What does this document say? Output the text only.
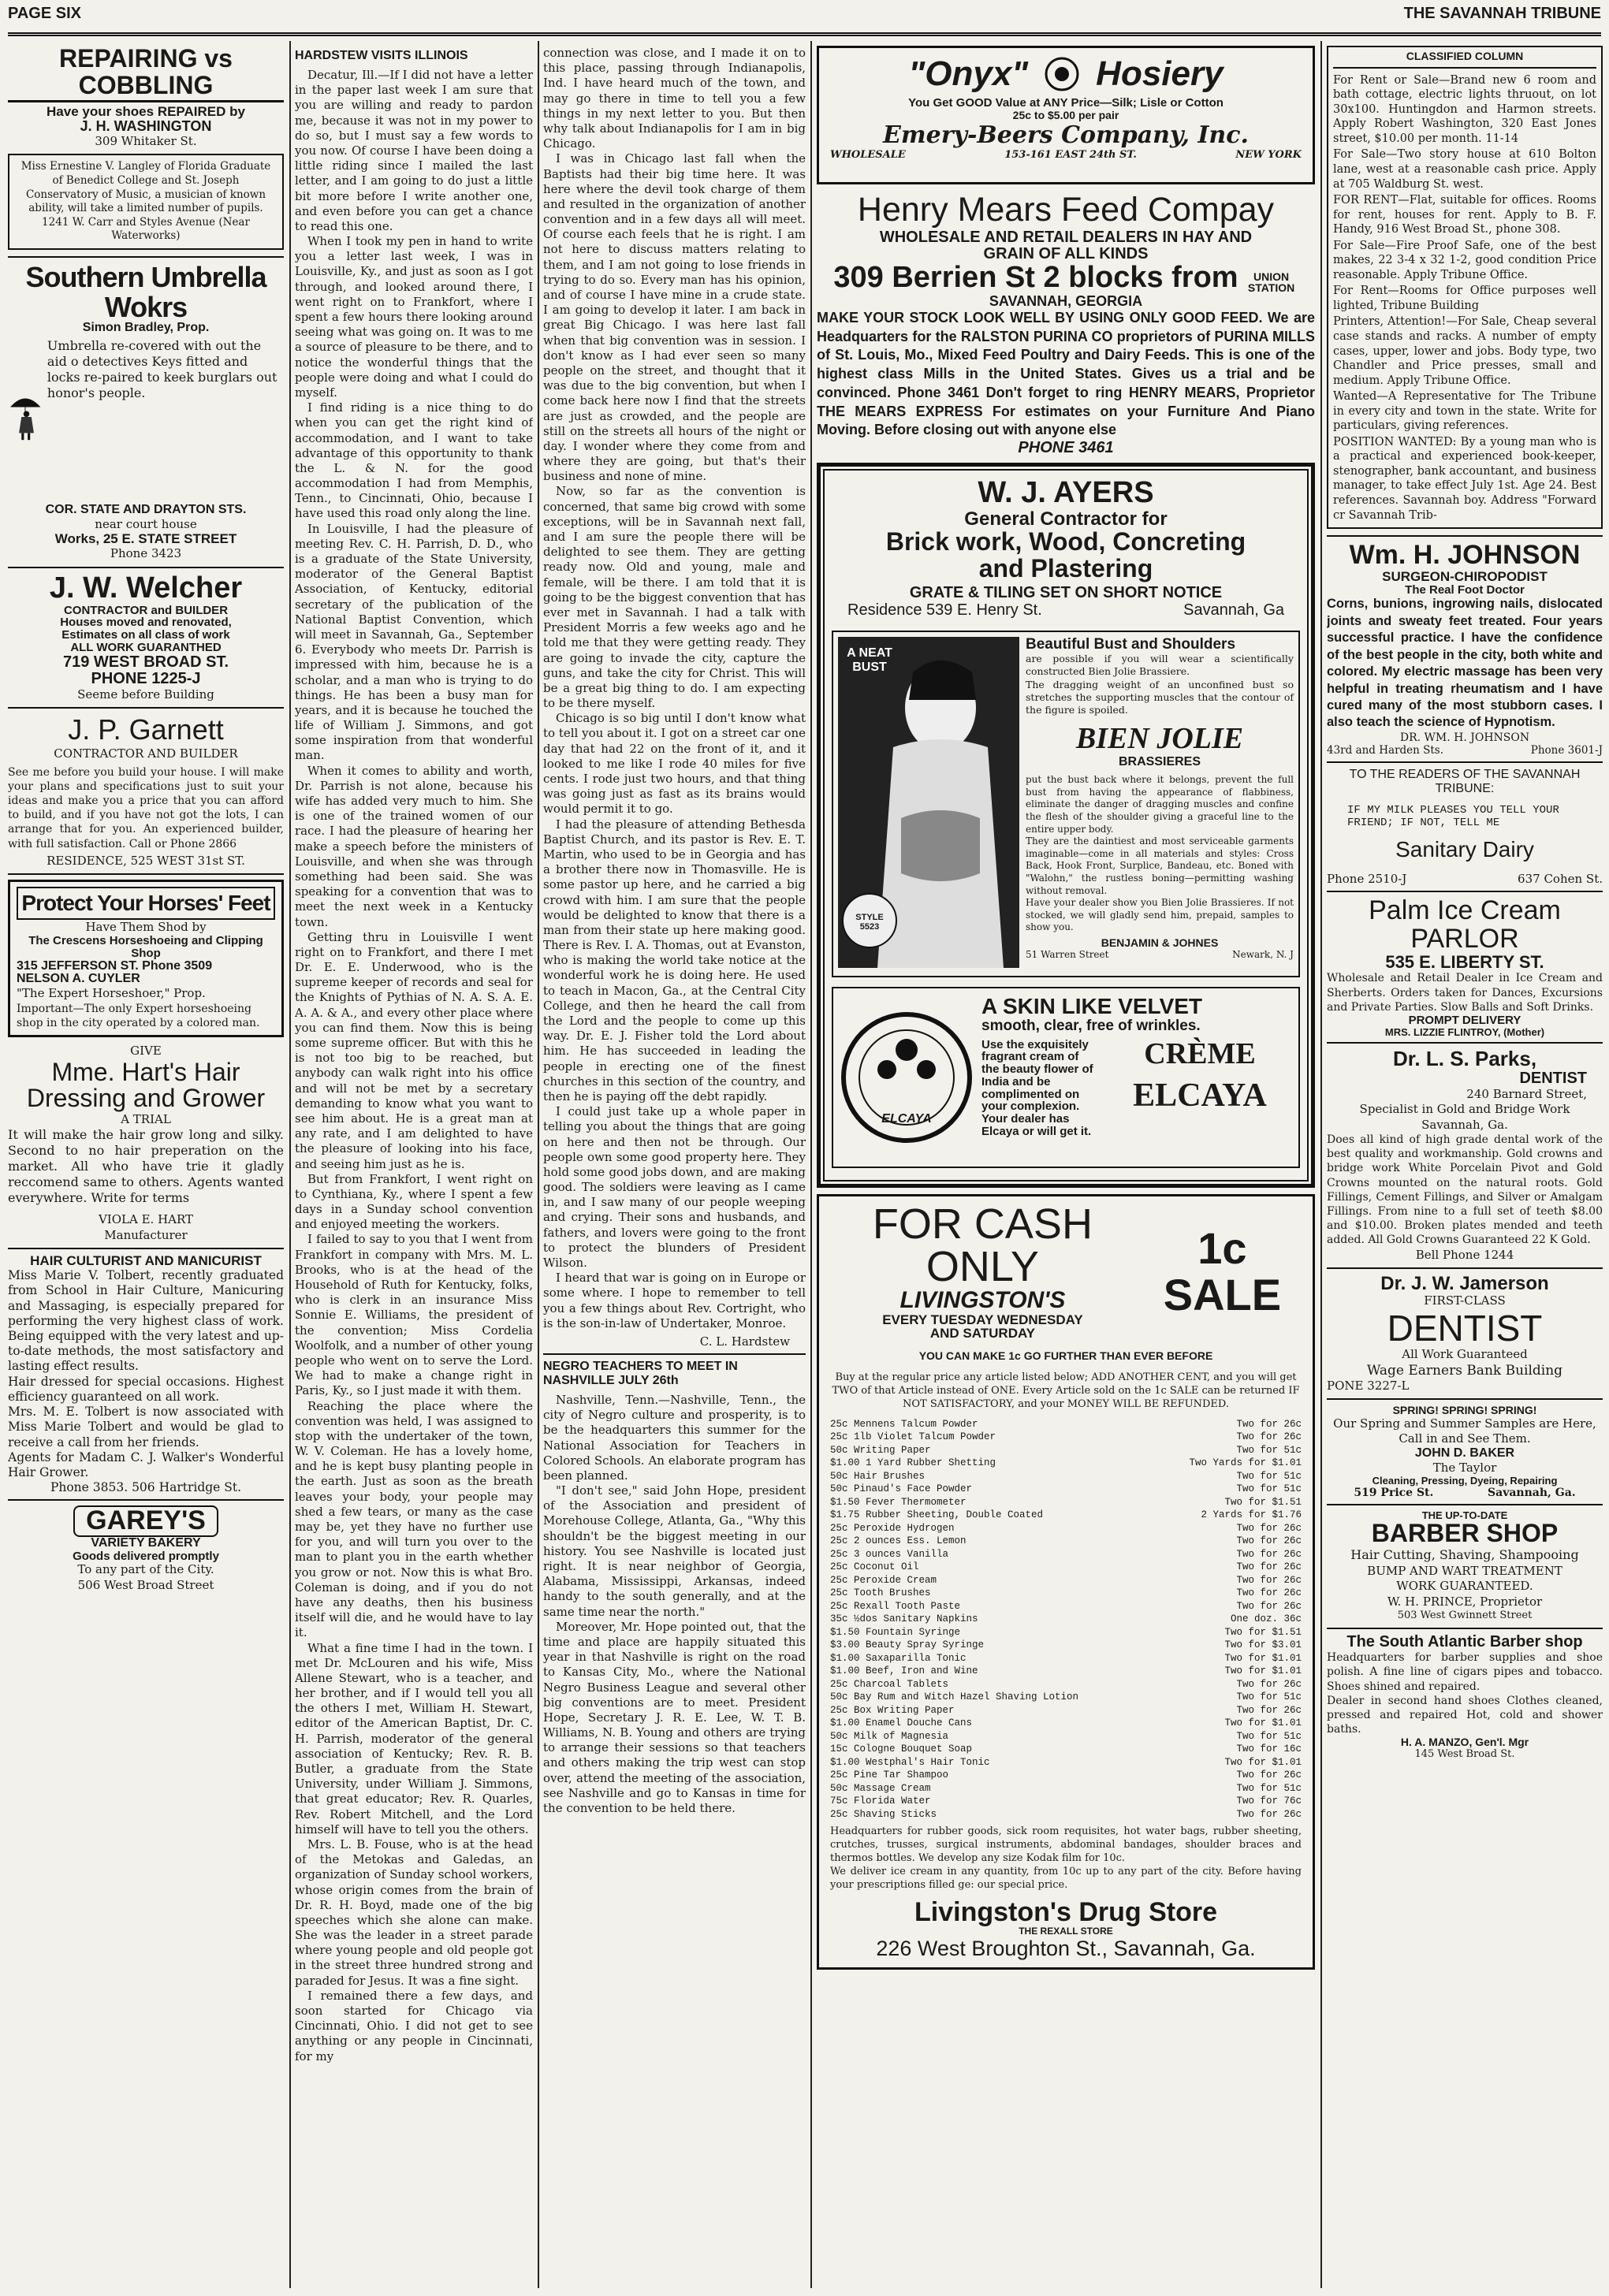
PAGE SIX	THE SAVANNAH TRIBUNE
REPAIRING vs COBBLING
Have your shoes REPAIRED by
J. H. WASHINGTON
309 Whitaker St.
Miss Ernestine V. Langley of Florida Graduate of Benedict College and St. Joseph Conservatory of Music, a musician of known ability, will take a limited number of pupils. 1241 W. Carr and Styles Avenue (Near Waterworks)
Southern Umbrella Wokrs
Simon Bradley, Prop.
Umbrella re-covered with out the aid o detectives Keys fitted and locks re-paired to keek burglars out honor's people.
COR. STATE AND DRAYTON STS.
near court house
Works, 25 E. STATE STREET
Phone 3423
J. W. Welcher
CONTRACTOR and BUILDER
Houses moved and renovated,
Estimates on all class of work
ALL WORK GUARANTHED
719 WEST BROAD ST.
PHONE 1225-J
Seeme before Building
J. P. Garnett
CONTRACTOR AND BUILDER
See me before you build your house. I will make your plans and specifications just to suit your ideas and make you a price that you can afford to build, and if you have not got the lots, I can arrange that for you. An experienced builder, with full satisfaction. Call or Phone 2866
RESIDENCE, 525 WEST 31st ST.
Protect Your Horses' Feet
Have Them Shod by
The Crescens Horseshoeing and Clipping Shop
315 JEFFERSON ST. Phone 3509
NELSON A. CUYLER
"The Expert Horseshoer," Prop.
Important—The only Expert horseshoeing shop in the city operated by a colored man.
GIVE
Mme. Hart's Hair Dressing and Grower
A TRIAL
It will make the hair grow long and silky. Second to no hair preperation on the market. All who have trie it gladly reccomend same to others. Agents wanted everywhere. Write for terms
VIOLA E. HART
Manufacturer
HAIR CULTURIST AND MANICURIST
Miss Marie V. Tolbert, recently graduated from School in Hair Culture, Manicuring and Massaging, is especially prepared for performing the very highest class of work. Being equipped with the very latest and up-to-date methods, the most satisfactory and lasting effect results.
Hair dressed for special occasions. Highest efficiency guaranteed on all work.
Mrs. M. E. Tolbert is now associated with Miss Marie Tolbert and would be glad to receive a call from her friends.
Agents for Madam C. J. Walker's Wonderful Hair Grower.
Phone 3853. 506 Hartridge St.
GAREY'S
VARIETY BAKERY
Goods delivered promptly
To any part of the City.
506 West Broad Street
HARDSTEW VISITS ILLINOIS

Decatur, Ill.—If I did not have a letter in the paper last week I am sure that you are willing and ready to pardon me, because it was not in my power to do so, but I must say a few words to you now. Of course I have been doing a little riding since I mailed the last letter, and I am going to do just a little bit more before I write another one, and even before you can get a chance to read this one.

When I took my pen in hand to write you a letter last week, I was in Louisville, Ky., and just as soon as I got through, and looked around there, I went right on to Frankfort, where I spent a few hours there looking around seeing what was going on. It was to me a source of pleasure to be there, and to notice the wonderful things that the people were doing and what I could do myself.

I find riding is a nice thing to do when you can get the right kind of accommodation, and I want to take advantage of this opportunity to thank the L. & N. for the good accommodation I had from Memphis, Tenn., to Cincinnati, Ohio, because I have used this road only along the line.

In Louisville, I had the pleasure of meeting Rev. C. H. Parrish, D. D., who is a graduate of the State University, moderator of the General Baptist Association, of Kentucky, editorial secretary of the publication of the National Baptist Convention, which will meet in Savannah, Ga., September 6. Everybody who meets Dr. Parrish is impressed with him, because he is a scholar, and a man who is trying to do things. He has been a busy man for years, and it is because he touched the life of William J. Simmons, and got some inspiration from that wonderful man.

When it comes to ability and worth, Dr. Parrish is not alone, because his wife has added very much to him. She is one of the trained women of our race. I had the pleasure of hearing her make a speech before the ministers of Louisville, and when she was through something had been said. She was speaking for a convention that was to meet the next week in a Kentucky town.

Getting thru in Louisville I went right on to Frankfort, and there I met Dr. E. E. Underwood, who is the supreme keeper of records and seal for the Knights of Pythias of N. A. S. A. E. A. A. & A., and every other place where you can find them. Now this is being some supreme officer. But with this he is not too big to be reached, but anybody can walk right into his office and will not be met by a secretary demanding to know what you want to see him about. He is a great man at any rate, and I am delighted to have the pleasure of looking into his face, and seeing him just as he is.

But from Frankfort, I went right on to Cynthiana, Ky., where I spent a few days in a Sunday school convention and enjoyed meeting the workers.

I failed to say to you that I went from Frankfort in company with Mrs. M. L. Brooks, who is at the head of the Household of Ruth for Kentucky, folks, who is clerk in an insurance Miss Sonnie E. Williams, the president of the convention; Miss Cordelia Woolfolk, and a number of other young people who went on to serve the Lord. We had to make a change right in Paris, Ky., so I just made it with them.

Reaching the place where the convention was held, I was assigned to stop with the undertaker of the town, W. V. Coleman. He has a lovely home, and he is kept busy planting people in the earth. Just as soon as the breath leaves your body, your people may shed a few tears, or many as the case may be, yet they have no further use for you, and will turn you over to the man to plant you in the earth whether you grow or not. Now this is what Bro. Coleman is doing, and if you do not have any deaths, then his business itself will die, and he would have to lay it.

What a fine time I had in the town. I met Dr. McLouren and his wife, Miss Allene Stewart, who is a teacher, and her brother, and if I would tell you all the others I met, William H. Stewart, editor of the American Baptist, Dr. C. H. Parrish, moderator of the general association of Kentucky; Rev. R. B. Butler, a graduate from the State University, under William J. Simmons, that great educator; Rev. R. Quarles, Rev. Robert Mitchell, and the Lord himself will have to tell you the others.

Mrs. L. B. Fouse, who is at the head of the Metokas and Galedas, an organization of Sunday school workers, whose origin comes from the brain of Dr. R. H. Boyd, made one of the big speeches which she alone can make. She was the leader in a street parade where young people and old people got in the street three hundred strong and paraded for Jesus. It was a fine sight.

I remained there a few days, and soon started for Chicago via Cincinnati, Ohio. I did not get to see anything or any people in Cincinnati, for my

connection was close, and I made it on to this place, passing through Indianapolis, Ind. I have heard much of the town, and may go there in time to tell you a few things in my next letter to you. But then why talk about Indianapolis for I am in big Chicago.

I was in Chicago last fall when the Baptists had their big time here. It was here where the devil took charge of them and resulted in the organization of another convention and in a few days all will meet. Of course each feels that he is right. I am not here to discuss matters relating to them, and I am not going to lose friends in trying to do so. Every man has his opinion, and of course I have mine in a crude state. I am going to develop it later. I am back in great Big Chicago. I was here last fall when that big convention was in session. I don't know as I had ever seen so many people on the street, and thought that it was due to the big convention, but when I come back here now I find that the streets are just as crowded, and the people are still on the streets all hours of the night or day. I wonder where they come from and where they are going, but that's their business and none of mine.

Now, so far as the convention is concerned, that same big crowd with some exceptions, will be in Savannah next fall, and I am sure the people there will be delighted to see them. They are getting ready now. Old and young, male and female, will be there. I am told that it is going to be the biggest convention that has ever met in Savannah. I had a talk with President Morris a few weeks ago and he told me that they were getting ready. They are going to invade the city, capture the guns, and take the city for Christ. This will be a great big thing to do. I am expecting to be there myself.

Chicago is so big until I don't know what to tell you about it. I got on a street car one day that had 22 on the front of it, and it looked to me like I rode 40 miles for five cents. I rode just two hours, and that thing was going just as fast as its brains would would permit it to go.

I had the pleasure of attending Bethesda Baptist Church, and its pastor is Rev. E. T. Martin, who used to be in Georgia and has a brother there now in Thomasville. He is some pastor up here, and he carried a big crowd with him. I am sure that the people would be delighted to know that there is a man from their state up here making good. There is Rev. I. A. Thomas, out at Evanston, who is making the world take notice at the wonderful work he is doing here. He used to teach in Macon, Ga., at the Central City College, and then he heard the call from the Lord and the people to come up this way. Dr. E. J. Fisher told the Lord about him. He has succeeded in leading the people in erecting one of the finest churches in this section of the country, and then he is paying off the debt rapidly.

I could just take up a whole paper in telling you about the things that are going on here and then not be through. Our people own some good property here. They hold some good jobs down, and are making good. The soldiers were leaving as I came in, and I saw many of our people weeping and crying. Their sons and husbands, and fathers, and lovers were going to the front to protect the blunders of President Wilson.

I heard that war is going on in Europe or some where. I hope to remember to tell you a few things about Rev. Cortright, who is the son-in-law of Undertaker, Monroe.

C. L. Hardstew
NEGRO TEACHERS TO MEET IN NASHVILLE JULY 26th

Nashville, Tenn.—Nashville, Tenn., the city of Negro culture and prosperity, is to be the headquarters this summer for the National Association for Teachers in Colored Schools. An elaborate program has been planned.

"I don't see," said John Hope, president of the Association and president of Morehouse College, Atlanta, Ga., "Why this shouldn't be the biggest meeting in our history. You see Nashville is located just right. It is near neighbor of Georgia, Alabama, Mississippi, Arkansas, indeed handy to the south generally, and at the same time near the north."

Moreover, Mr. Hope pointed out, that the time and place are happily situated this year in that Nashville is right on the road to Kansas City, Mo., where the National Negro Business League and several other big conventions are to meet. President Hope, Secretary J. R. E. Lee, W. T. B. Williams, N. B. Young and others are trying to arrange their sessions so that teachers and others making the trip west can stop over, attend the meeting of the association, see Nashville and go to Kansas in time for the convention to be held there.

"Onyx" Hosiery
You Get GOOD Value at ANY Price—Silk; Lisle or Cotton
25c to $5.00 per pair
Emery-Beers Company, Inc.
WHOLESALE	153-161 EAST 24th ST.	NEW YORK
Henry Mears Feed Compay
WHOLESALE AND RETAIL DEALERS IN HAY AND
GRAIN OF ALL KINDS
309 Berrien St 2 blocks from	UNION STATION
SAVANNAH, GEORGIA
MAKE YOUR STOCK LOOK WELL BY USING ONLY GOOD FEED. We are Headquarters for the RALSTON PURINA CO proprietors of PURINA MILLS of St. Louis, Mo., Mixed Feed Poultry and Dairy Feeds. This is one of the highest class Mills in the United States. Gives us a trial and be convinced. Phone 3461 Don't forget to ring HENRY MEARS, Proprietor THE MEARS EXPRESS For estimates on your Furniture And Piano Moving. Before closing out with anyone else
PHONE 3461
W. J. AYERS
General Contractor for
Brick work, Wood, Concreting
and Plastering
GRATE & TILING SET ON SHORT NOTICE
Residence 539 E. Henry St.	Savannah, Ga
A NEAT BUST
STYLE 5523
Beautiful Bust and Shoulders
are possible if you will wear a scientifically constructed Bien Jolie Brassiere.
The dragging weight of an unconfined bust so stretches the supporting muscles that the contour of the figure is spoiled.
BIEN JOLIE
BRASSIERES
put the bust back where it belongs, prevent the full bust from having the appearance of flabbiness, eliminate the danger of dragging muscles and confine the flesh of the shoulder giving a graceful line to the entire upper body.
They are the daintiest and most serviceable garments imaginable—come in all materials and styles: Cross Back, Hook Front, Surplice, Bandeau, etc. Boned with "Walohn," the rustless boning—permitting washing without removal.
Have your dealer show you Bien Jolie Brassieres. If not stocked, we will gladly send him, prepaid, samples to show you.
BENJAMIN & JOHNES
51 Warren Street	Newark, N. J
ELCAYA
A SKIN LIKE VELVET
smooth, clear, free of wrinkles.
Use the exquisitely fragrant cream of the beauty flower of India and be complimented on your complexion. Your dealer has Elcaya or will get it.
CRÈME
ELCAYA
FOR CASH ONLY
LIVINGSTON'S
EVERY TUESDAY WEDNESDAY
AND SATURDAY
1c SALE
YOU CAN MAKE 1c GO FURTHER THAN EVER BEFORE
Buy at the regular price any article listed below; ADD ANOTHER CENT, and you will get TWO of that Article instead of ONE. Every Article sold on the 1c SALE can be returned IF NOT SATISFACTORY, and your MONEY WILL BE REFUNDED.
25c Mennens Talcum Powder	Two for 26c
25c 1lb Violet Talcum Powder	Two for 26c
50c Writing Paper	Two for 51c
$1.00 1 Yard Rubber Shetting	Two Yards for $1.01
50c Hair Brushes	Two for 51c
50c Pinaud's Face Powder	Two for 51c
$1.50 Fever Thermometer	Two for $1.51
$1.75 Rubber Sheeting, Double Coated	2 Yards for $1.76
25c Peroxide Hydrogen	Two for 26c
25c 2 ounces Ess. Lemon	Two for 26c
25c 3 ounces Vanilla	Two for 26c
25c Coconut Oil	Two for 26c
25c Peroxide Cream	Two for 26c
25c Tooth Brushes	Two for 26c
25c Rexall Tooth Paste	Two for 26c
35c ½dos Sanitary Napkins	One doz. 36c
$1.50 Fountain Syringe	Two for $1.51
$3.00 Beauty Spray Syringe	Two for $3.01
$1.00 Saxaparilla Tonic	Two for $1.01
$1.00 Beef, Iron and Wine	Two for $1.01
25c Charcoal Tablets	Two for 26c
50c Bay Rum and Witch Hazel Shaving Lotion	Two for 51c
25c Box Writing Paper	Two for 26c
$1.00 Enamel Douche Cans	Two for $1.01
50c Milk of Magnesia	Two for 51c
15c Cologne Bouquet Soap	Two for 16c
$1.00 Westphal's Hair Tonic	Two for $1.01
25c Pine Tar Shampoo	Two for 26c
50c Massage Cream	Two for 51c
75c Florida Water	Two for 76c
25c Shaving Sticks	Two for 26c
Headquarters for rubber goods, sick room requisites, hot water bags, rubber sheeting, crutches, trusses, surgical instruments, abdominal bandages, shoulder braces and thermos bottles. We develop any size Kodak film for 10c.
We deliver ice cream in any quantity, from 10c up to any part of the city. Before having your prescriptions filled ge: our special price.
Livingston's Drug Store
THE REXALL STORE
226 West Broughton St., Savannah, Ga.
CLASSIFIED COLUMN

For Rent or Sale—Brand new 6 room and bath cottage, electric lights thruout, on lot 30x100. Huntingdon and Harmon streets. Apply Robert Washington, 320 East Jones street, $10.00 per month. 11-14

For Sale—Two story house at 610 Bolton lane, west at a reasonable cash price. Apply at 705 Waldburg St. west.

FOR RENT—Flat, suitable for offices. Rooms for rent, houses for rent. Apply to B. F. Handy, 916 West Broad St., phone 308.

For Sale—Fire Proof Safe, one of the best makes, 22 3-4 x 32 1-2, good condition Price reasonable. Apply Tribune Office.

For Rent—Rooms for Office purposes well lighted, Tribune Building

Printers, Attention!—For Sale, Cheap several case stands and racks. A number of empty cases, upper, lower and jobs. Body type, two Chandler and Price presses, small and medium. Apply Tribune Office.

Wanted—A Representative for The Tribune in every city and town in the state. Write for particulars, giving references.

POSITION WANTED: By a young man who is a practical and experienced book-keeper, stenographer, bank accountant, and business manager, to take effect July 1st. Age 24. Best references. Savannah boy. Address "Forward cr Savannah Trib-

Wm. H. JOHNSON
SURGEON-CHIROPODIST
The Real Foot Doctor
Corns, bunions, ingrowing nails, dislocated joints and sweaty feet treated. Four years successful practice. I have the confidence of the best people in the city, both white and colored. My electric massage has been very helpful in treating rheumatism and I have cured many of the most stubborn cases. I also teach the science of Hypnotism.
DR. WM. H. JOHNSON
43rd and Harden Sts.	Phone 3601-J
TO THE READERS OF THE SAVANNAH TRIBUNE:
IF MY MILK PLEASES YOU TELL YOUR FRIEND; IF NOT, TELL ME
Sanitary Dairy
Phone 2510-J	637 Cohen St.
Palm Ice Cream
PARLOR
535 E. LIBERTY ST.
Wholesale and Retail Dealer in Ice Cream and Sherberts. Orders taken for Dances, Excursions and Private Parties. Slow Balls and Soft Drinks.
PROMPT DELIVERY
MRS. LIZZIE FLINTROY, (Mother)
Dr. L. S. Parks,
DENTIST
240 Barnard Street,
Specialist in Gold and Bridge Work
Savannah, Ga.
Does all kind of high grade dental work of the best quality and workmanship. Gold crowns and bridge work White Porcelain Pivot and Gold Crowns mounted on the natural roots. Gold Fillings, Cement Fillings, and Silver or Amalgam Fillings. From nine to a full set of teeth $8.00 and $10.00. Broken plates mended and teeth added. All Gold Crowns Guaranteed 22 K Gold.
Bell Phone 1244
Dr. J. W. Jamerson
FIRST-CLASS
DENTIST
All Work Guaranteed
Wage Earners Bank Building
PONE 3227-L
SPRING! SPRING! SPRING!
Our Spring and Summer Samples are Here, Call in and See Them.
JOHN D. BAKER
The Taylor
Cleaning, Pressing, Dyeing, Repairing
519 Price St.	Savannah, Ga.
THE UP-TO-DATE
BARBER SHOP
Hair Cutting, Shaving, Shampooing
BUMP AND WART TREATMENT
WORK GUARANTEED.
W. H. PRINCE, Proprietor
503 West Gwinnett Street
The South Atlantic Barber shop
Headquarters for barber supplies and shoe polish. A fine line of cigars pipes and tobacco. Shoes shined and repaired.
Dealer in second hand shoes Clothes cleaned, pressed and repaired Hot, cold and shower baths.
H. A. MANZO, Gen'l. Mgr
145 West Broad St.
